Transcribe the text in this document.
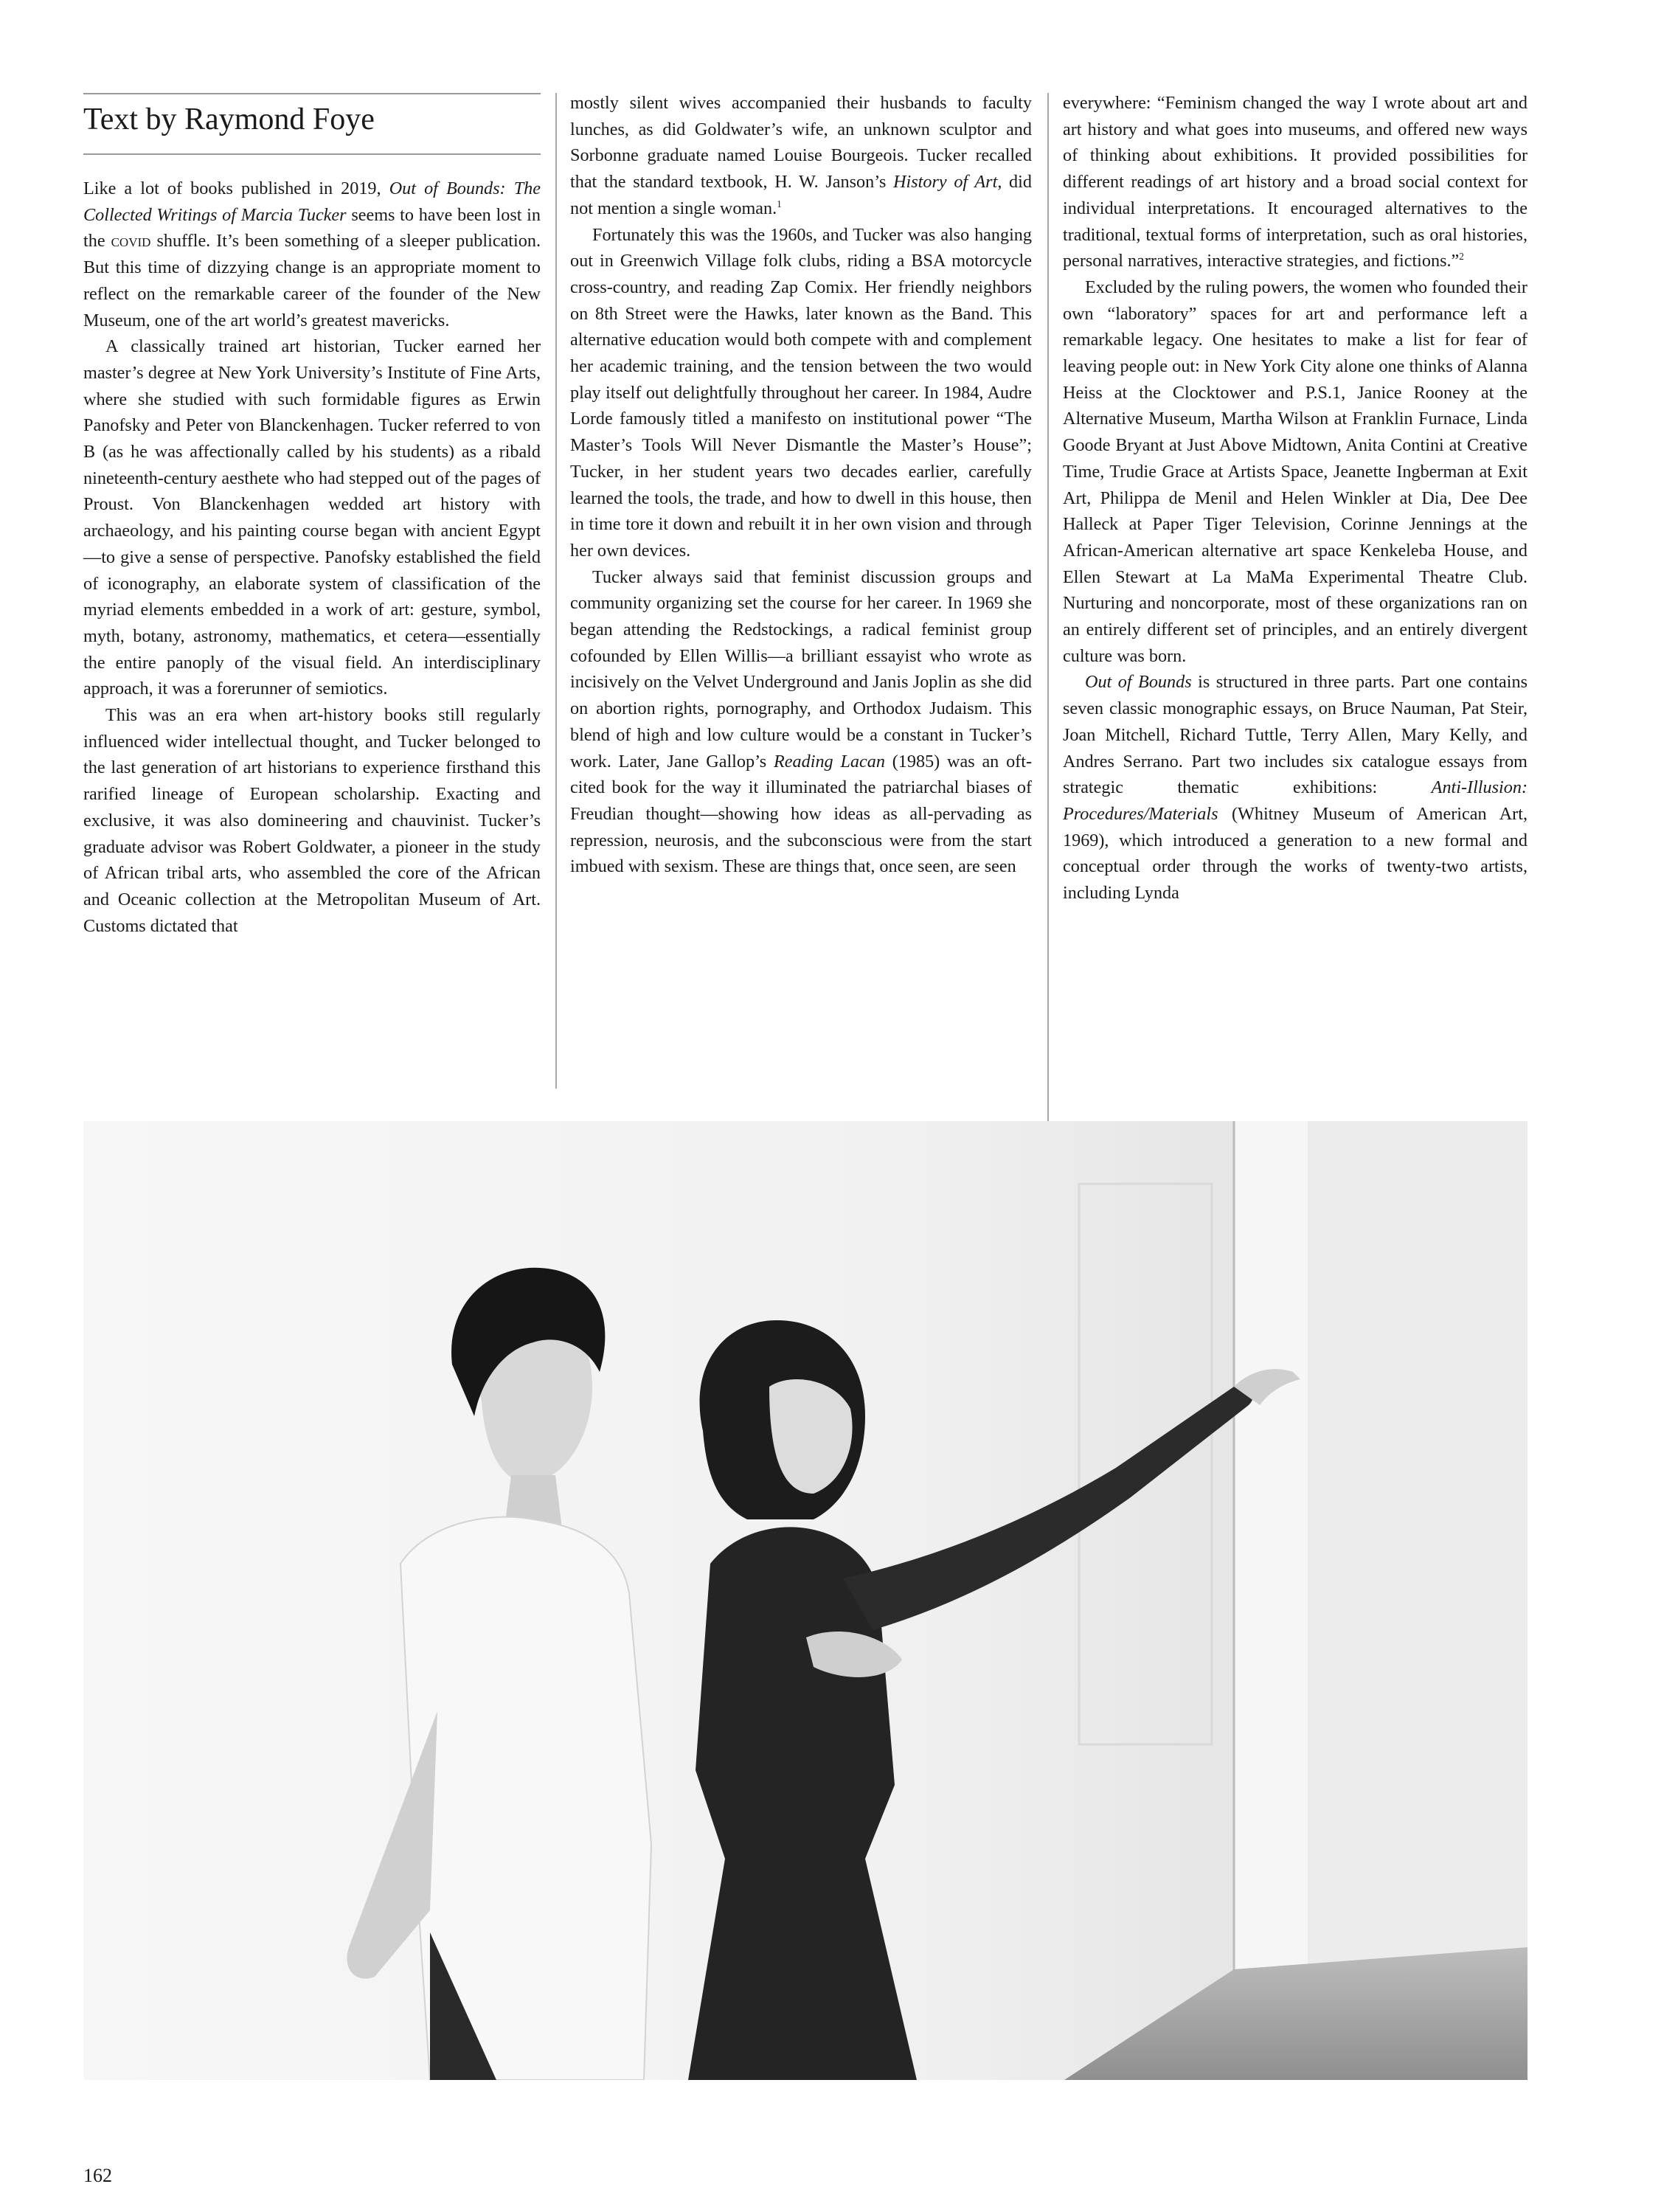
Text by Raymond Foye

Like a lot of books published in 2019, Out of Bounds: The Collected Writings of Marcia Tucker seems to have been lost in the covid shuffle. It’s been something of a sleeper publication. But this time of dizzying change is an appropriate moment to reflect on the remarkable career of the founder of the New Museum, one of the art world’s greatest mavericks.

A classically trained art historian, Tucker earned her master’s degree at New York University’s Institute of Fine Arts, where she studied with such formidable figures as Erwin Panofsky and Peter von Blanckenhagen. Tucker referred to von B (as he was affectionally called by his students) as a ribald nineteenth-century aesthete who had stepped out of the pages of Proust. Von Blanckenhagen wedded art history with archaeology, and his painting course began with ancient Egypt—to give a sense of perspective. Panofsky established the field of iconography, an elaborate system of classification of the myriad elements embedded in a work of art: gesture, symbol, myth, botany, astronomy, mathematics, et cetera—essentially the entire panoply of the visual field. An interdisciplinary approach, it was a forerunner of semiotics.

This was an era when art-history books still regularly influenced wider intellectual thought, and Tucker belonged to the last generation of art historians to experience firsthand this rarified lineage of European scholarship. Exacting and exclusive, it was also domineering and chauvinist. Tucker’s graduate advisor was Robert Goldwater, a pioneer in the study of African tribal arts, who assembled the core of the African and Oceanic collection at the Metropolitan Museum of Art. Customs dictated that

mostly silent wives accompanied their husbands to faculty lunches, as did Goldwater’s wife, an unknown sculptor and Sorbonne graduate named Louise Bourgeois. Tucker recalled that the standard textbook, H. W. Janson’s History of Art, did not mention a single woman.$^1$

Fortunately this was the 1960s, and Tucker was also hanging out in Greenwich Village folk clubs, riding a BSA motorcycle cross-country, and reading Zap Comix. Her friendly neighbors on 8th Street were the Hawks, later known as the Band. This alternative education would both compete with and complement her academic training, and the tension between the two would play itself out delightfully throughout her career. In 1984, Audre Lorde famously titled a manifesto on institutional power “The Master’s Tools Will Never Dismantle the Master’s House”; Tucker, in her student years two decades earlier, carefully learned the tools, the trade, and how to dwell in this house, then in time tore it down and rebuilt it in her own vision and through her own devices.

Tucker always said that feminist discussion groups and community organizing set the course for her career. In 1969 she began attending the Redstockings, a radical feminist group cofounded by Ellen Willis—a brilliant essayist who wrote as incisively on the Velvet Underground and Janis Joplin as she did on abortion rights, pornography, and Orthodox Judaism. This blend of high and low culture would be a constant in Tucker’s work. Later, Jane Gallop’s Reading Lacan (1985) was an oft-cited book for the way it illuminated the patriarchal biases of Freudian thought—showing how ideas as all-pervading as repression, neurosis, and the subconscious were from the start imbued with sexism. These are things that, once seen, are seen

everywhere: “Feminism changed the way I wrote about art and art history and what goes into museums, and offered new ways of thinking about exhibitions. It provided possibilities for different readings of art history and a broad social context for individual interpretations. It encouraged alternatives to the traditional, textual forms of interpretation, such as oral histories, personal narratives, interactive strategies, and fictions.”$^2$

Excluded by the ruling powers, the women who founded their own “laboratory” spaces for art and performance left a remarkable legacy. One hesitates to make a list for fear of leaving people out: in New York City alone one thinks of Alanna Heiss at the Clocktower and P.S.1, Janice Rooney at the Alternative Museum, Martha Wilson at Franklin Furnace, Linda Goode Bryant at Just Above Midtown, Anita Contini at Creative Time, Trudie Grace at Artists Space, Jeanette Ingberman at Exit Art, Philippa de Menil and Helen Winkler at Dia, Dee Dee Halleck at Paper Tiger Television, Corinne Jennings at the African-American alternative art space Kenkeleba House, and Ellen Stewart at La MaMa Experimental Theatre Club. Nurturing and noncorporate, most of these organizations ran on an entirely different set of principles, and an entirely divergent culture was born.

Out of Bounds is structured in three parts. Part one contains seven classic monographic essays, on Bruce Nauman, Pat Steir, Joan Mitchell, Richard Tuttle, Terry Allen, Mary Kelly, and Andres Serrano. Part two includes six catalogue essays from strategic thematic exhibitions: Anti-Illusion: Procedures/Materials (Whitney Museum of American Art, 1969), which introduced a generation to a new formal and conceptual order through the works of twenty-two artists, including Lynda

162
